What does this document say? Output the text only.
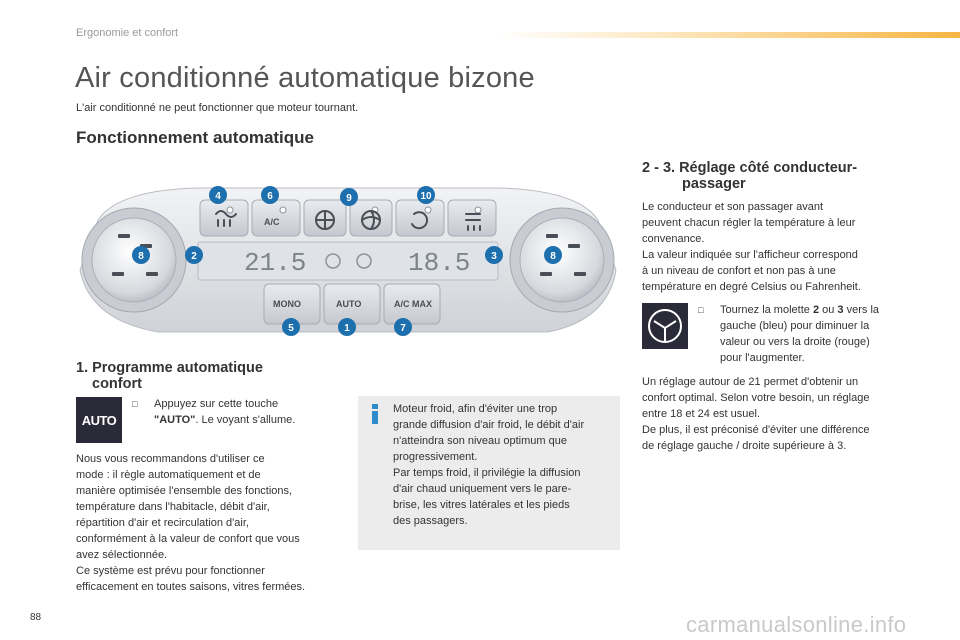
Ergonomie et confort
Air conditionné automatique bizone
L'air conditionné ne peut fonctionner que moteur tournant.
Fonctionnement automatique
A/C
21.5	18.5
MONO	AUTO	A/C MAX
4	6	9	10
8	2	3	8
5	1	7
1. Programme automatique
confort
AUTO
□	Appuyez sur cette touche
"AUTO". Le voyant s'allume.

Nous vous recommandons d'utiliser ce

mode : il règle automatiquement et de

manière optimisée l'ensemble des fonctions,

température dans l'habitacle, débit d'air,

répartition d'air et recirculation d'air,

conformément à la valeur de confort que vous

avez sélectionnée.

Ce système est prévu pour fonctionner

efficacement en toutes saisons, vitres fermées.

Moteur froid, afin d'éviter une trop

grande diffusion d'air froid, le débit d'air

n'atteindra son niveau optimum que

progressivement.

Par temps froid, il privilégie la diffusion

d'air chaud uniquement vers le pare-

brise, les vitres latérales et les pieds

des passagers.

2 - 3. Réglage côté conducteur-
passager

Le conducteur et son passager avant

peuvent chacun régler la température à leur

convenance.

La valeur indiquée sur l'afficheur correspond

à un niveau de confort et non pas à une

température en degré Celsius ou Fahrenheit.

□	Tournez la molette 2 ou 3 vers la
gauche (bleu) pour diminuer la
valeur ou vers la droite (rouge)
pour l'augmenter.

Un réglage autour de 21 permet d'obtenir un

confort optimal. Selon votre besoin, un réglage

entre 18 et 24 est usuel.

De plus, il est préconisé d'éviter une différence

de réglage gauche / droite supérieure à 3.

88	carmanualsonline.info
